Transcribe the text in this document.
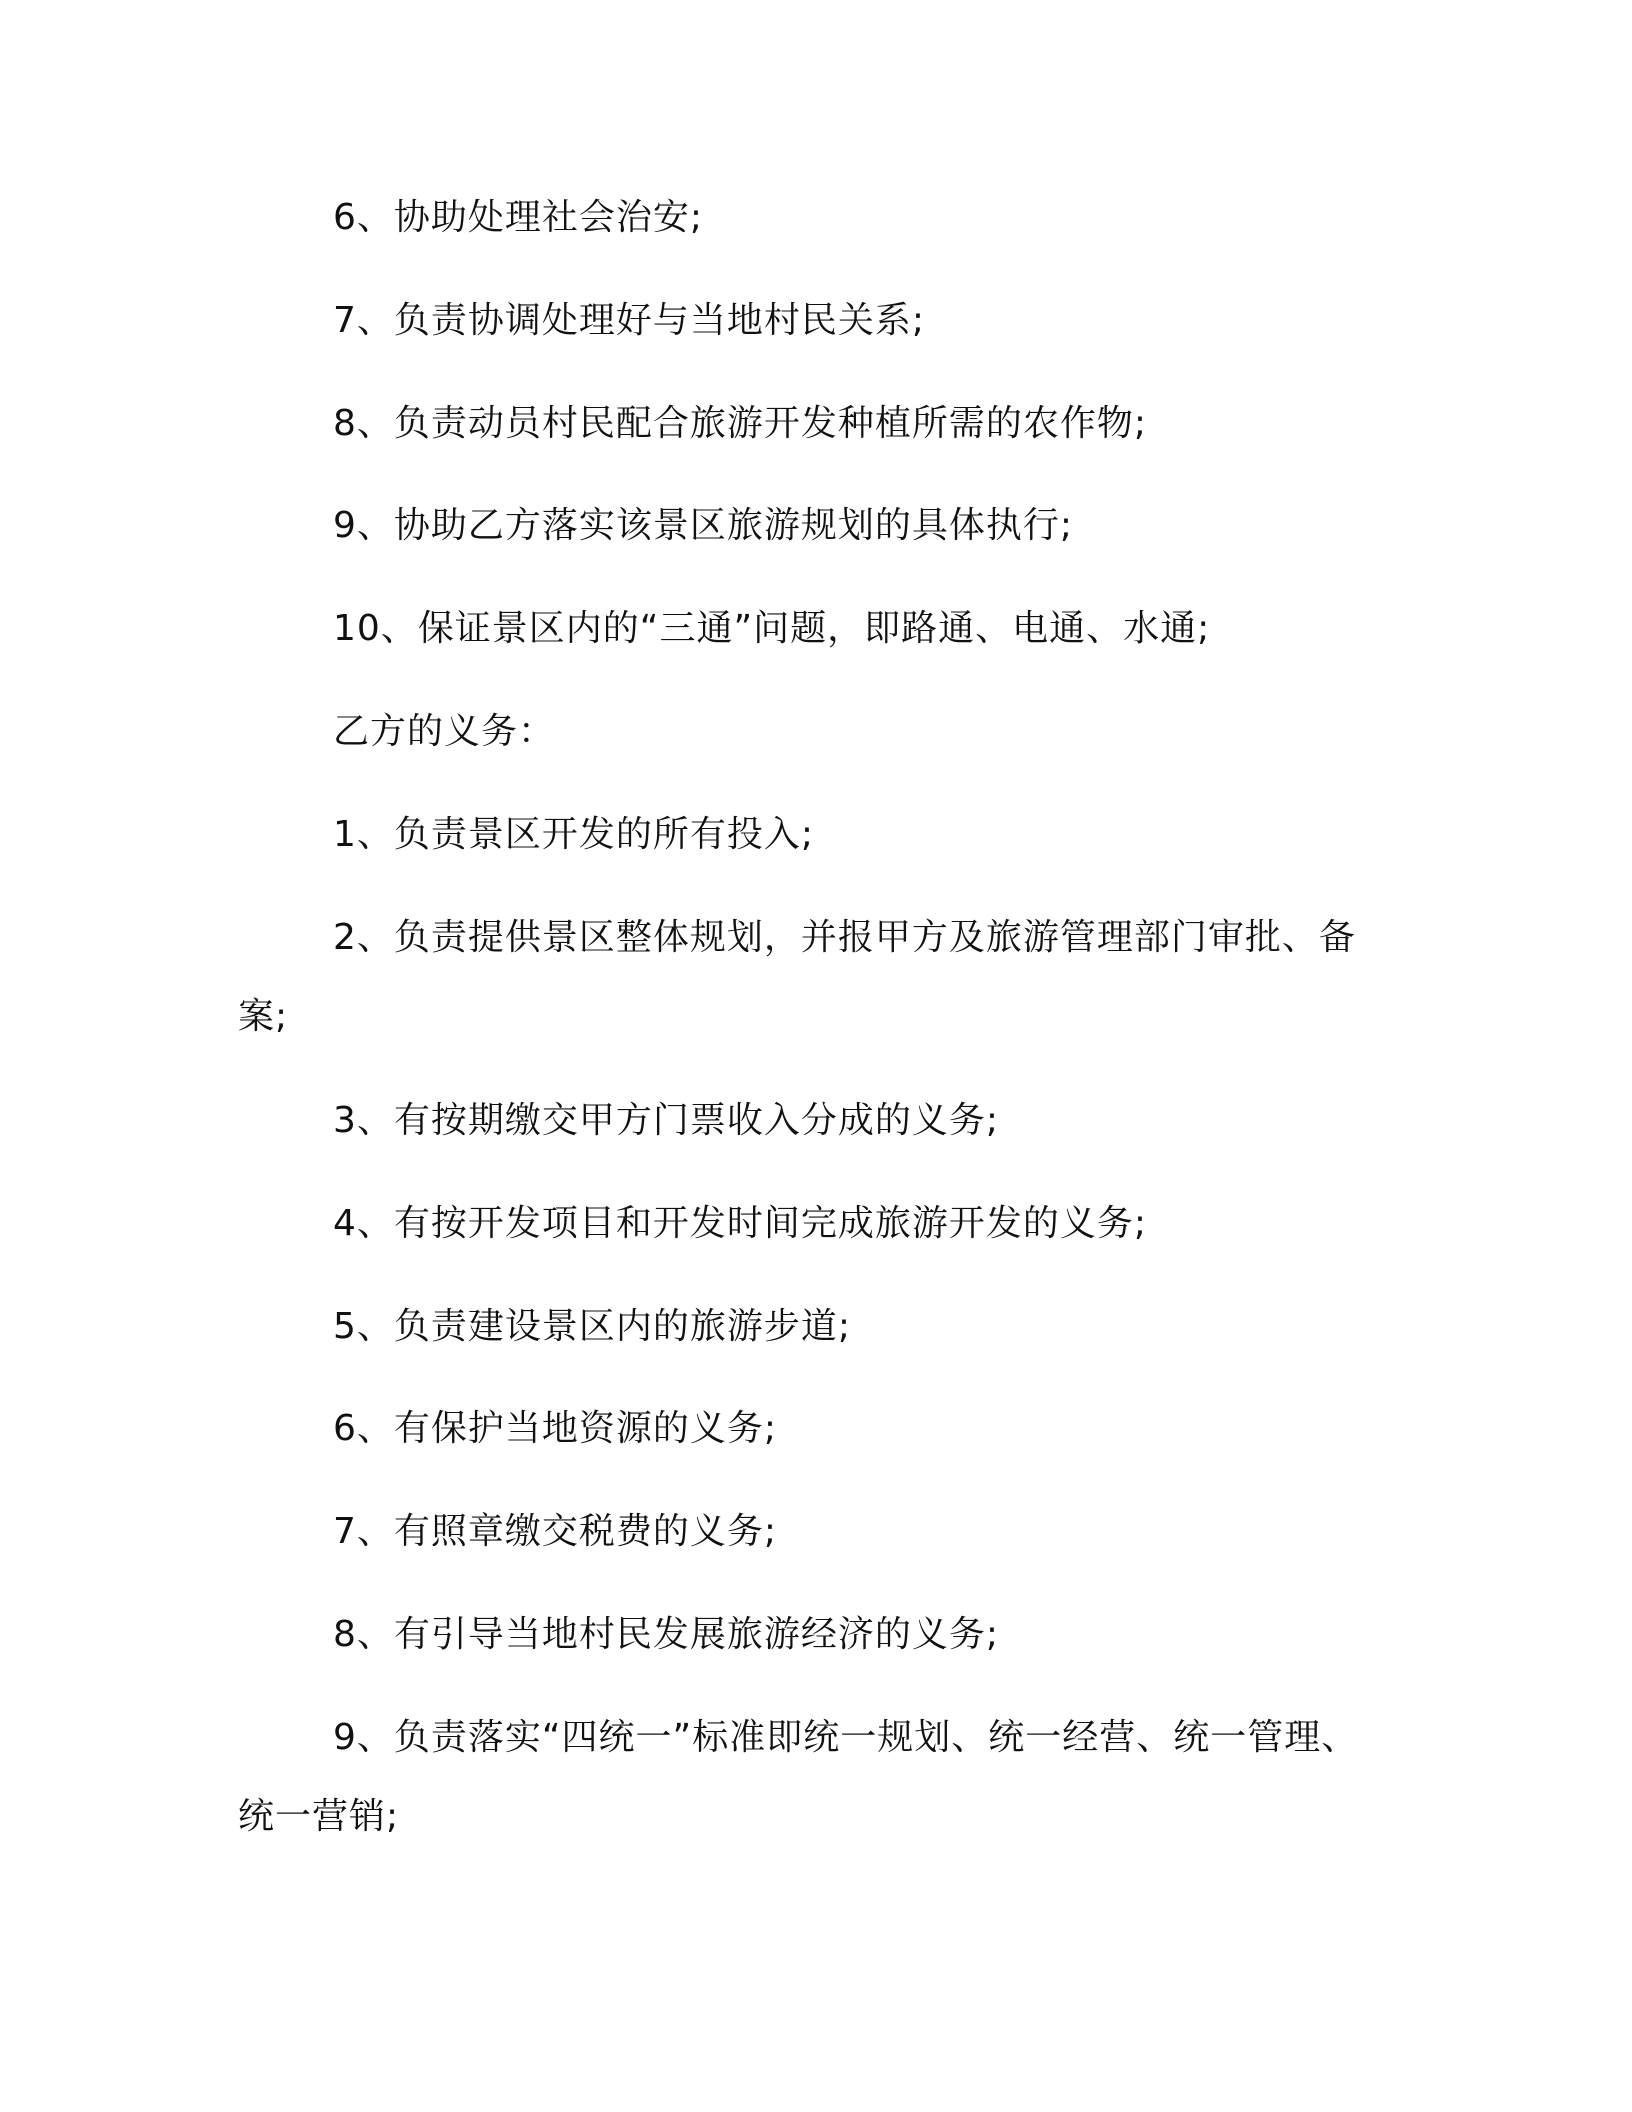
6、协助处理社会治安;
7、负责协调处理好与当地村民关系;
8、负责动员村民配合旅游开发种植所需的农作物;
9、协助乙方落实该景区旅游规划的具体执行;
10、保证景区内的“三通”问题，即路通、电通、水通;
乙方的义务：
1、负责景区开发的所有投入;
2、负责提供景区整体规划，并报甲方及旅游管理部门审批、备
案;
3、有按期缴交甲方门票收入分成的义务;
4、有按开发项目和开发时间完成旅游开发的义务;
5、负责建设景区内的旅游步道;
6、有保护当地资源的义务;
7、有照章缴交税费的义务;
8、有引导当地村民发展旅游经济的义务;
9、负责落实“四统一”标准即统一规划、统一经营、统一管理、
统一营销;
